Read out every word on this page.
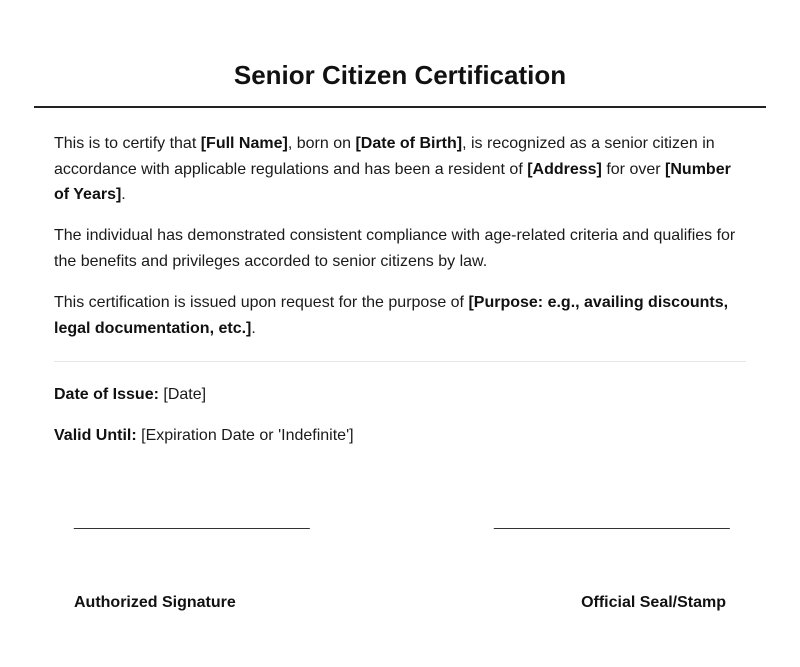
Senior Citizen Certification

This is to certify that [Full Name], born on [Date of Birth], is recognized as a senior citizen in accordance with applicable regulations and has been a resident of [Address] for over [Number of Years].

The individual has demonstrated consistent compliance with age-related criteria and qualifies for the benefits and privileges accorded to senior citizens by law.

This certification is issued upon request for the purpose of [Purpose: e.g., availing discounts, legal documentation, etc.].

Date of Issue: [Date]

Valid Until: [Expiration Date or 'Indefinite']

____________________________	____________________________
Authorized Signature	Official Seal/Stamp
